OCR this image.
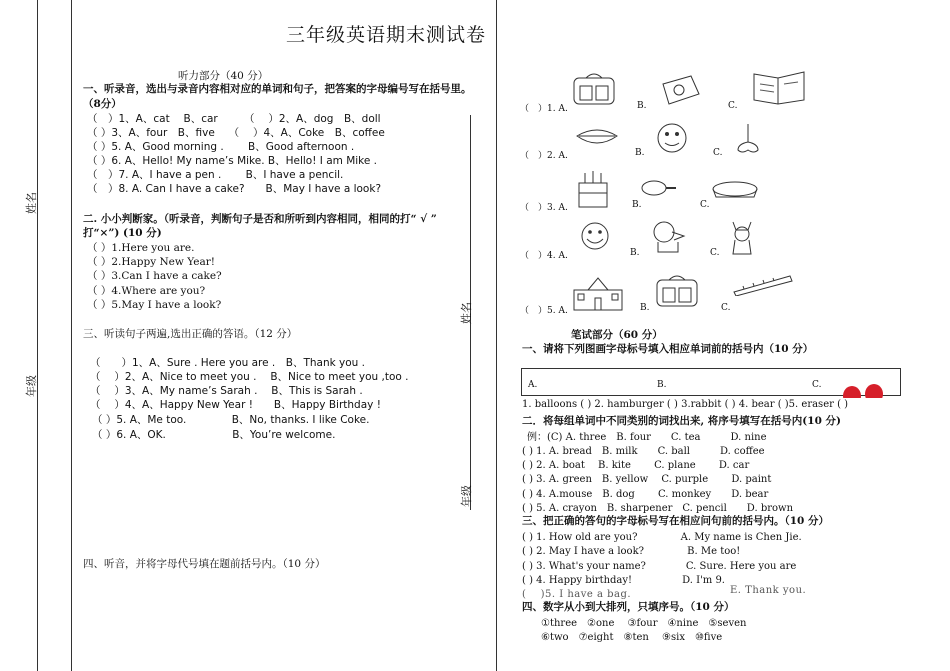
姓名
年级
姓名
年级
三年级英语期末测试卷
听力部分（40 分）
一、听录音，选出与录音内容相对应的单词和句子，把答案的字母编号写在括号里。（8分）
（　）1、A、cat　 B、car　　　（　 ）2、A、dog　B、doll
（ ）3、A、four　B、five　 （　 ）4、A、Coke　B、coffee
（ ）5. A、Good morning .　　 B、Good afternoon .
（ ）6. A、Hello! My name’s Mike. B、Hello! I am Mike .
（　）7. A、I have a pen .　　 B、I have a pencil.
（　）8. A. Can I have a cake?　　B、May I have a look?
二. 小小判断家。（听录音，判断句子是否和所听到内容相同，相同的打“ √ ”
打“×”) (10 分)
（ ）1.Here you are.
（ ）2.Happy New Year!
（ ）3.Can I have a cake?
（ ）4.Where are you?
（ ）5.May I have a look?
三、听读句子两遍,选出正确的答语。（12 分）
（　　）1、A、Sure . Here you are .　B、Thank you .
（　 ）2、A、Nice to meet you .　 B、Nice to meet you ,too .
（　 ）3、A、My name’s Sarah .　 B、This is Sarah .
（　 ）4、A、Happy New Year !　　B、Happy Birthday !
（ ）5. A、Me too.　　　　 B、No, thanks. I like Coke.
（ ）6. A、OK.　　　　　　 B、You’re welcome.
四、听音，并将字母代号填在题前括号内。（10 分）
（　）1. A.	B.	C.
（　）2. A.	B.	C.
（　）3. A.	B.	C.
（　）4. A.	B.	C.
（　）5. A.	B.	C.
笔试部分（60 分）
一、请将下列图画字母标号填入相应单词前的括号内（10 分）
A.	B.	C.
1. balloons ( ) 2. hamburger ( ) 3.rabbit ( ) 4. bear ( )5. eraser ( )
二．将每组单词中不同类别的词找出来, 将序号填写在括号内(10 分)
例：(C) A. three　B. four　　C. tea　　　D. nine
( ) 1. A. bread　B. milk　　C. ball　　　D. coffee
( ) 2. A. boat　 B. kite　　 C. plane　　 D. car
( ) 3. A. green　B. yellow　 C. purple　　 D. paint
( ) 4. A.mouse　B. dog　　 C. monkey　　D. bear
( ) 5. A. crayon　B. sharpener　C. pencil　　D. brown
三、把正确的答句的字母标号写在相应问句前的括号内。（10 分）
( ) 1. How old are you?　　　　 A. My name is Chen Jie.
( ) 2. May I have a look?　　　　 B. Me too!
( ) 3. What's your name?　　　　C. Sure. Here you are
( ) 4. Happy birthday!　　　　　D. I'm 9.
(　 )5. I have a bag.	E. Thank you.
四、数字从小到大排列，只填序号。（10 分）
①three　②one　 ③four　④nine　⑤seven
⑥two　⑦eight　⑧ten　 ⑨six　⑩five
